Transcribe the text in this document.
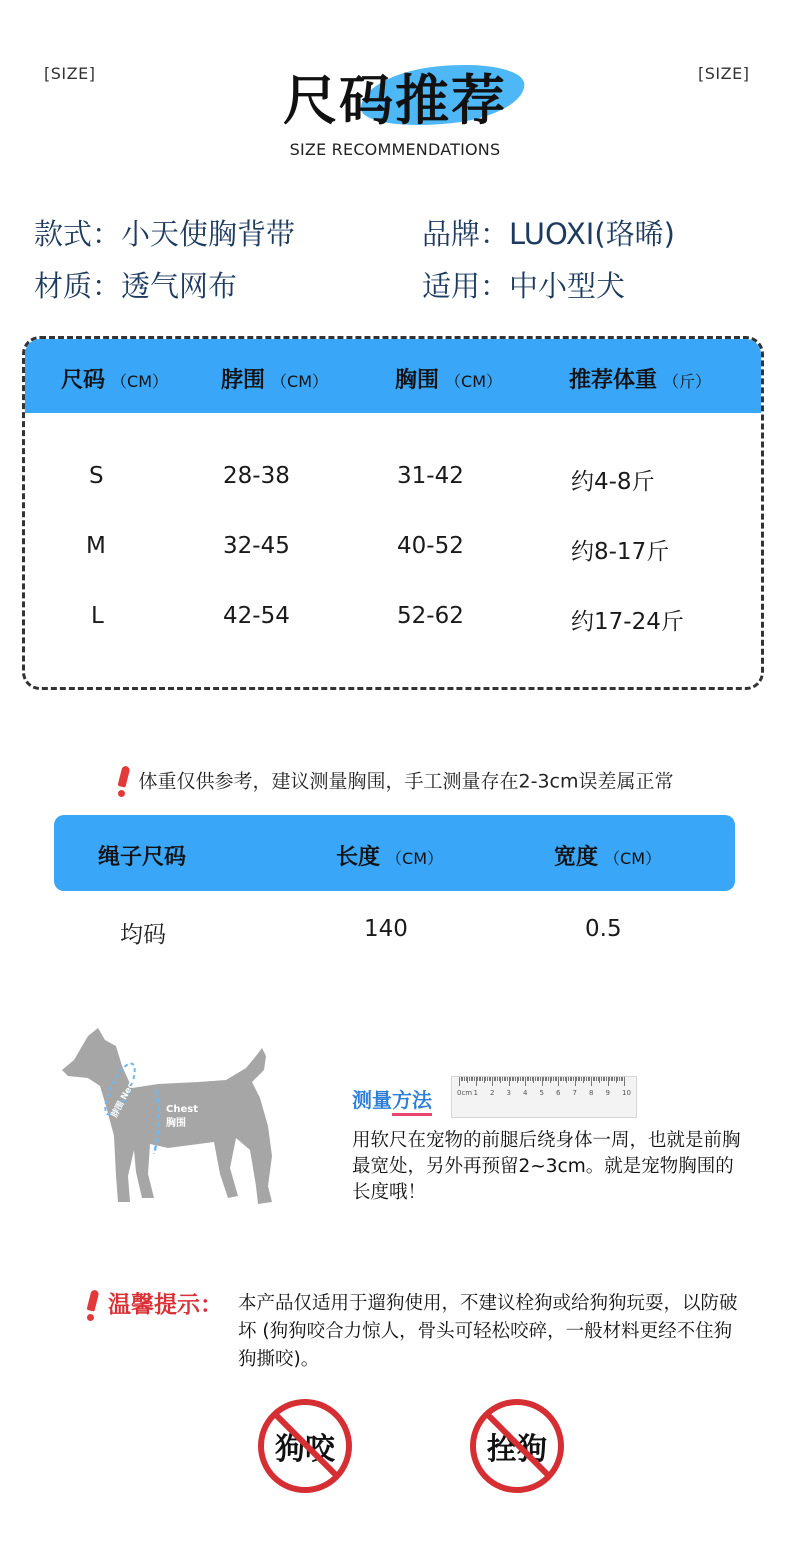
[SIZE]	[SIZE]
尺码推荐
SIZE RECOMMENDATIONS
款式：小天使胸背带	品牌：LUOXI(珞晞)
材质：透气网布	适用：中小型犬
尺码 （CM） 脖围 （CM）	胸围 （CM）	推荐体重 （斤）
S	28-38	31-42	约4-8斤
M	32-45	40-52	约8-17斤
L	42-54	52-62	约17-24斤
体重仅供参考，建议测量胸围，手工测量存在2-3cm误差属正常
绳子尺码	长度 （CM）	宽度 （CM）
均码	140	0.5
脖围 Neck	Chest
胸围
测量方法	0cm 1 2 3 4 5 6 7 8 9 10
用软尺在宠物的前腿后绕身体一周，也就是前胸最宽处，另外再预留2~3cm。就是宠物胸围的长度哦！
温馨提示： 本产品仅适用于遛狗使用，不建议栓狗或给狗狗玩耍，以防破坏 (狗狗咬合力惊人，骨头可轻松咬碎，一般材料更经不住狗狗撕咬)。
狗咬	拴狗
